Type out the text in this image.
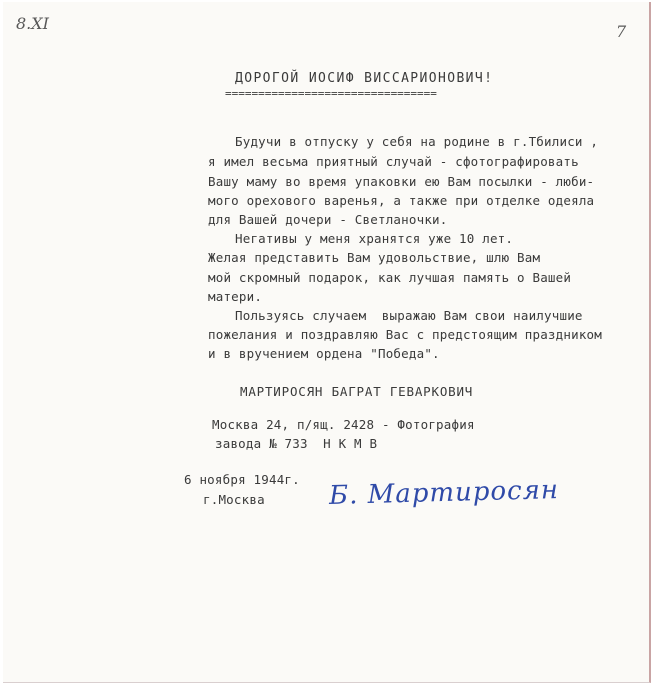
8.XI	7
ДОРОГОЙ ИОСИФ ВИССАРИОНОВИЧ!
================================
Будучи в отпуску у себя на родине в г.Тбилиси ,
я имел весьма приятный случай - сфотографировать
Вашу маму во время упаковки ею Вам посылки - люби-
мого орехового варенья, а также при отделке одеяла
для Вашей дочери - Светланочки.
Негативы у меня хранятся уже 10 лет.
Желая представить Вам удовольствие, шлю Вам
мой скромный подарок, как лучшая память о Вашей
матери.
Пользуясь случаем  выражаю Вам свои наилучшие
пожелания и поздравляю Вас с предстоящим праздником
и в вручением ордена "Победа".
МАРТИРОСЯН БАГРАТ ГЕВАРКОВИЧ
Москва 24, п/ящ. 2428 - Фотография
завода № 733  Н К М В
6 ноября 1944г.
г.Москва Б. Мартиросян
